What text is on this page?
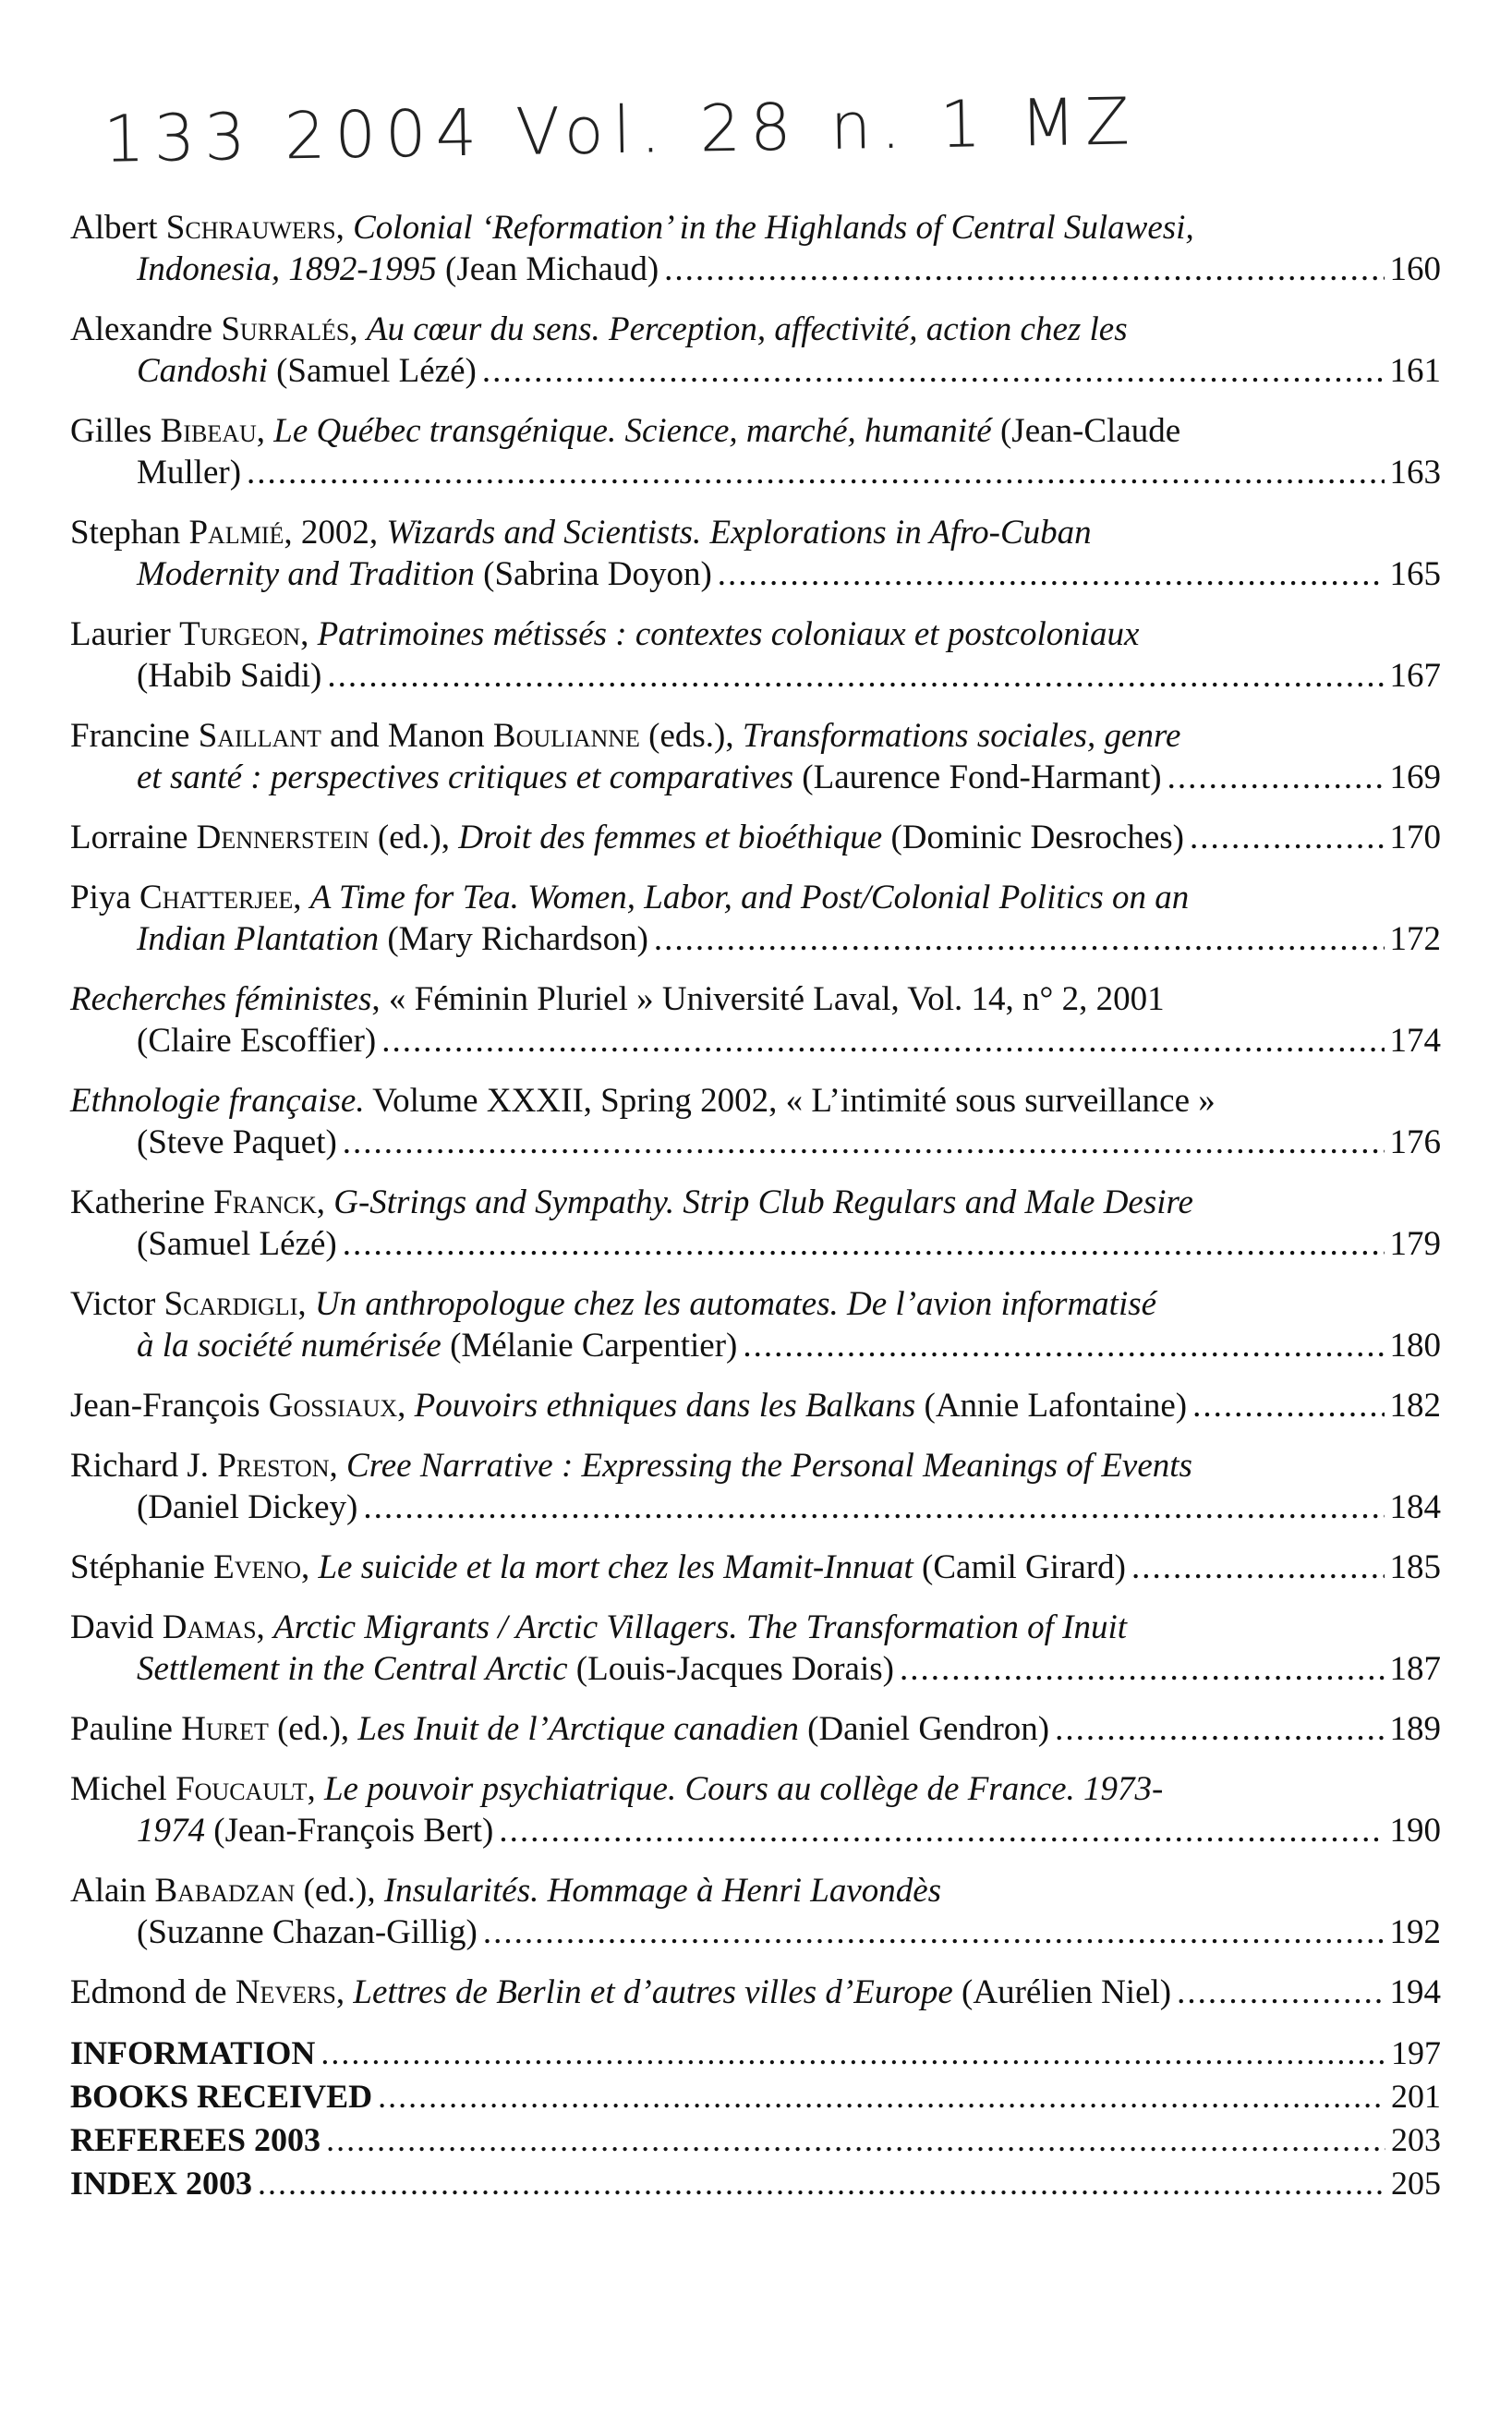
133 2004 Vol. 28 n. 1 MZ
Albert Schrauwers, Colonial ‘Reformation’ in the Highlands of Central Sulawesi,
Indonesia, 1892-1995 (Jean Michaud) .....	160
Alexandre Surralés, Au cœur du sens. Perception, affectivité, action chez les
Candoshi (Samuel Lézé) .....	161
Gilles Bibeau, Le Québec transgénique. Science, marché, humanité (Jean-Claude
Muller) .....	163
Stephan Palmié, 2002, Wizards and Scientists. Explorations in Afro-Cuban
Modernity and Tradition (Sabrina Doyon) .....	165
Laurier Turgeon, Patrimoines métissés : contextes coloniaux et postcoloniaux
(Habib Saidi) .....	167
Francine Saillant and Manon Boulianne (eds.), Transformations sociales, genre
et santé : perspectives critiques et comparatives (Laurence Fond-Harmant) .....	169
Lorraine Dennerstein (ed.), Droit des femmes et bioéthique (Dominic Desroches) .....	170
Piya Chatterjee, A Time for Tea. Women, Labor, and Post/Colonial Politics on an
Indian Plantation (Mary Richardson) .....	172
Recherches féministes, « Féminin Pluriel » Université Laval, Vol. 14, n° 2, 2001
(Claire Escoffier) .....	174
Ethnologie française. Volume XXXII, Spring 2002, « L’intimité sous surveillance »
(Steve Paquet) .....	176
Katherine Franck, G-Strings and Sympathy. Strip Club Regulars and Male Desire
(Samuel Lézé) .....	179
Victor Scardigli, Un anthropologue chez les automates. De l’avion informatisé
à la société numérisée (Mélanie Carpentier) .....	180
Jean-François Gossiaux, Pouvoirs ethniques dans les Balkans (Annie Lafontaine) .....	182
Richard J. Preston, Cree Narrative : Expressing the Personal Meanings of Events
(Daniel Dickey) .....	184
Stéphanie Eveno, Le suicide et la mort chez les Mamit-Innuat (Camil Girard) .....	185
David Damas, Arctic Migrants / Arctic Villagers. The Transformation of Inuit
Settlement in the Central Arctic (Louis-Jacques Dorais) .....	187
Pauline Huret (ed.), Les Inuit de l’Arctique canadien (Daniel Gendron) .....	189
Michel Foucault, Le pouvoir psychiatrique. Cours au collège de France. 1973-
1974 (Jean-François Bert) .....	190
Alain Babadzan (ed.), Insularités. Hommage à Henri Lavondès
(Suzanne Chazan-Gillig) .....	192
Edmond de Nevers, Lettres de Berlin et d’autres villes d’Europe (Aurélien Niel) .....	194
INFORMATION .....	197
BOOKS RECEIVED .....	201
REFEREES 2003 .....	203
INDEX 2003 .....	205
